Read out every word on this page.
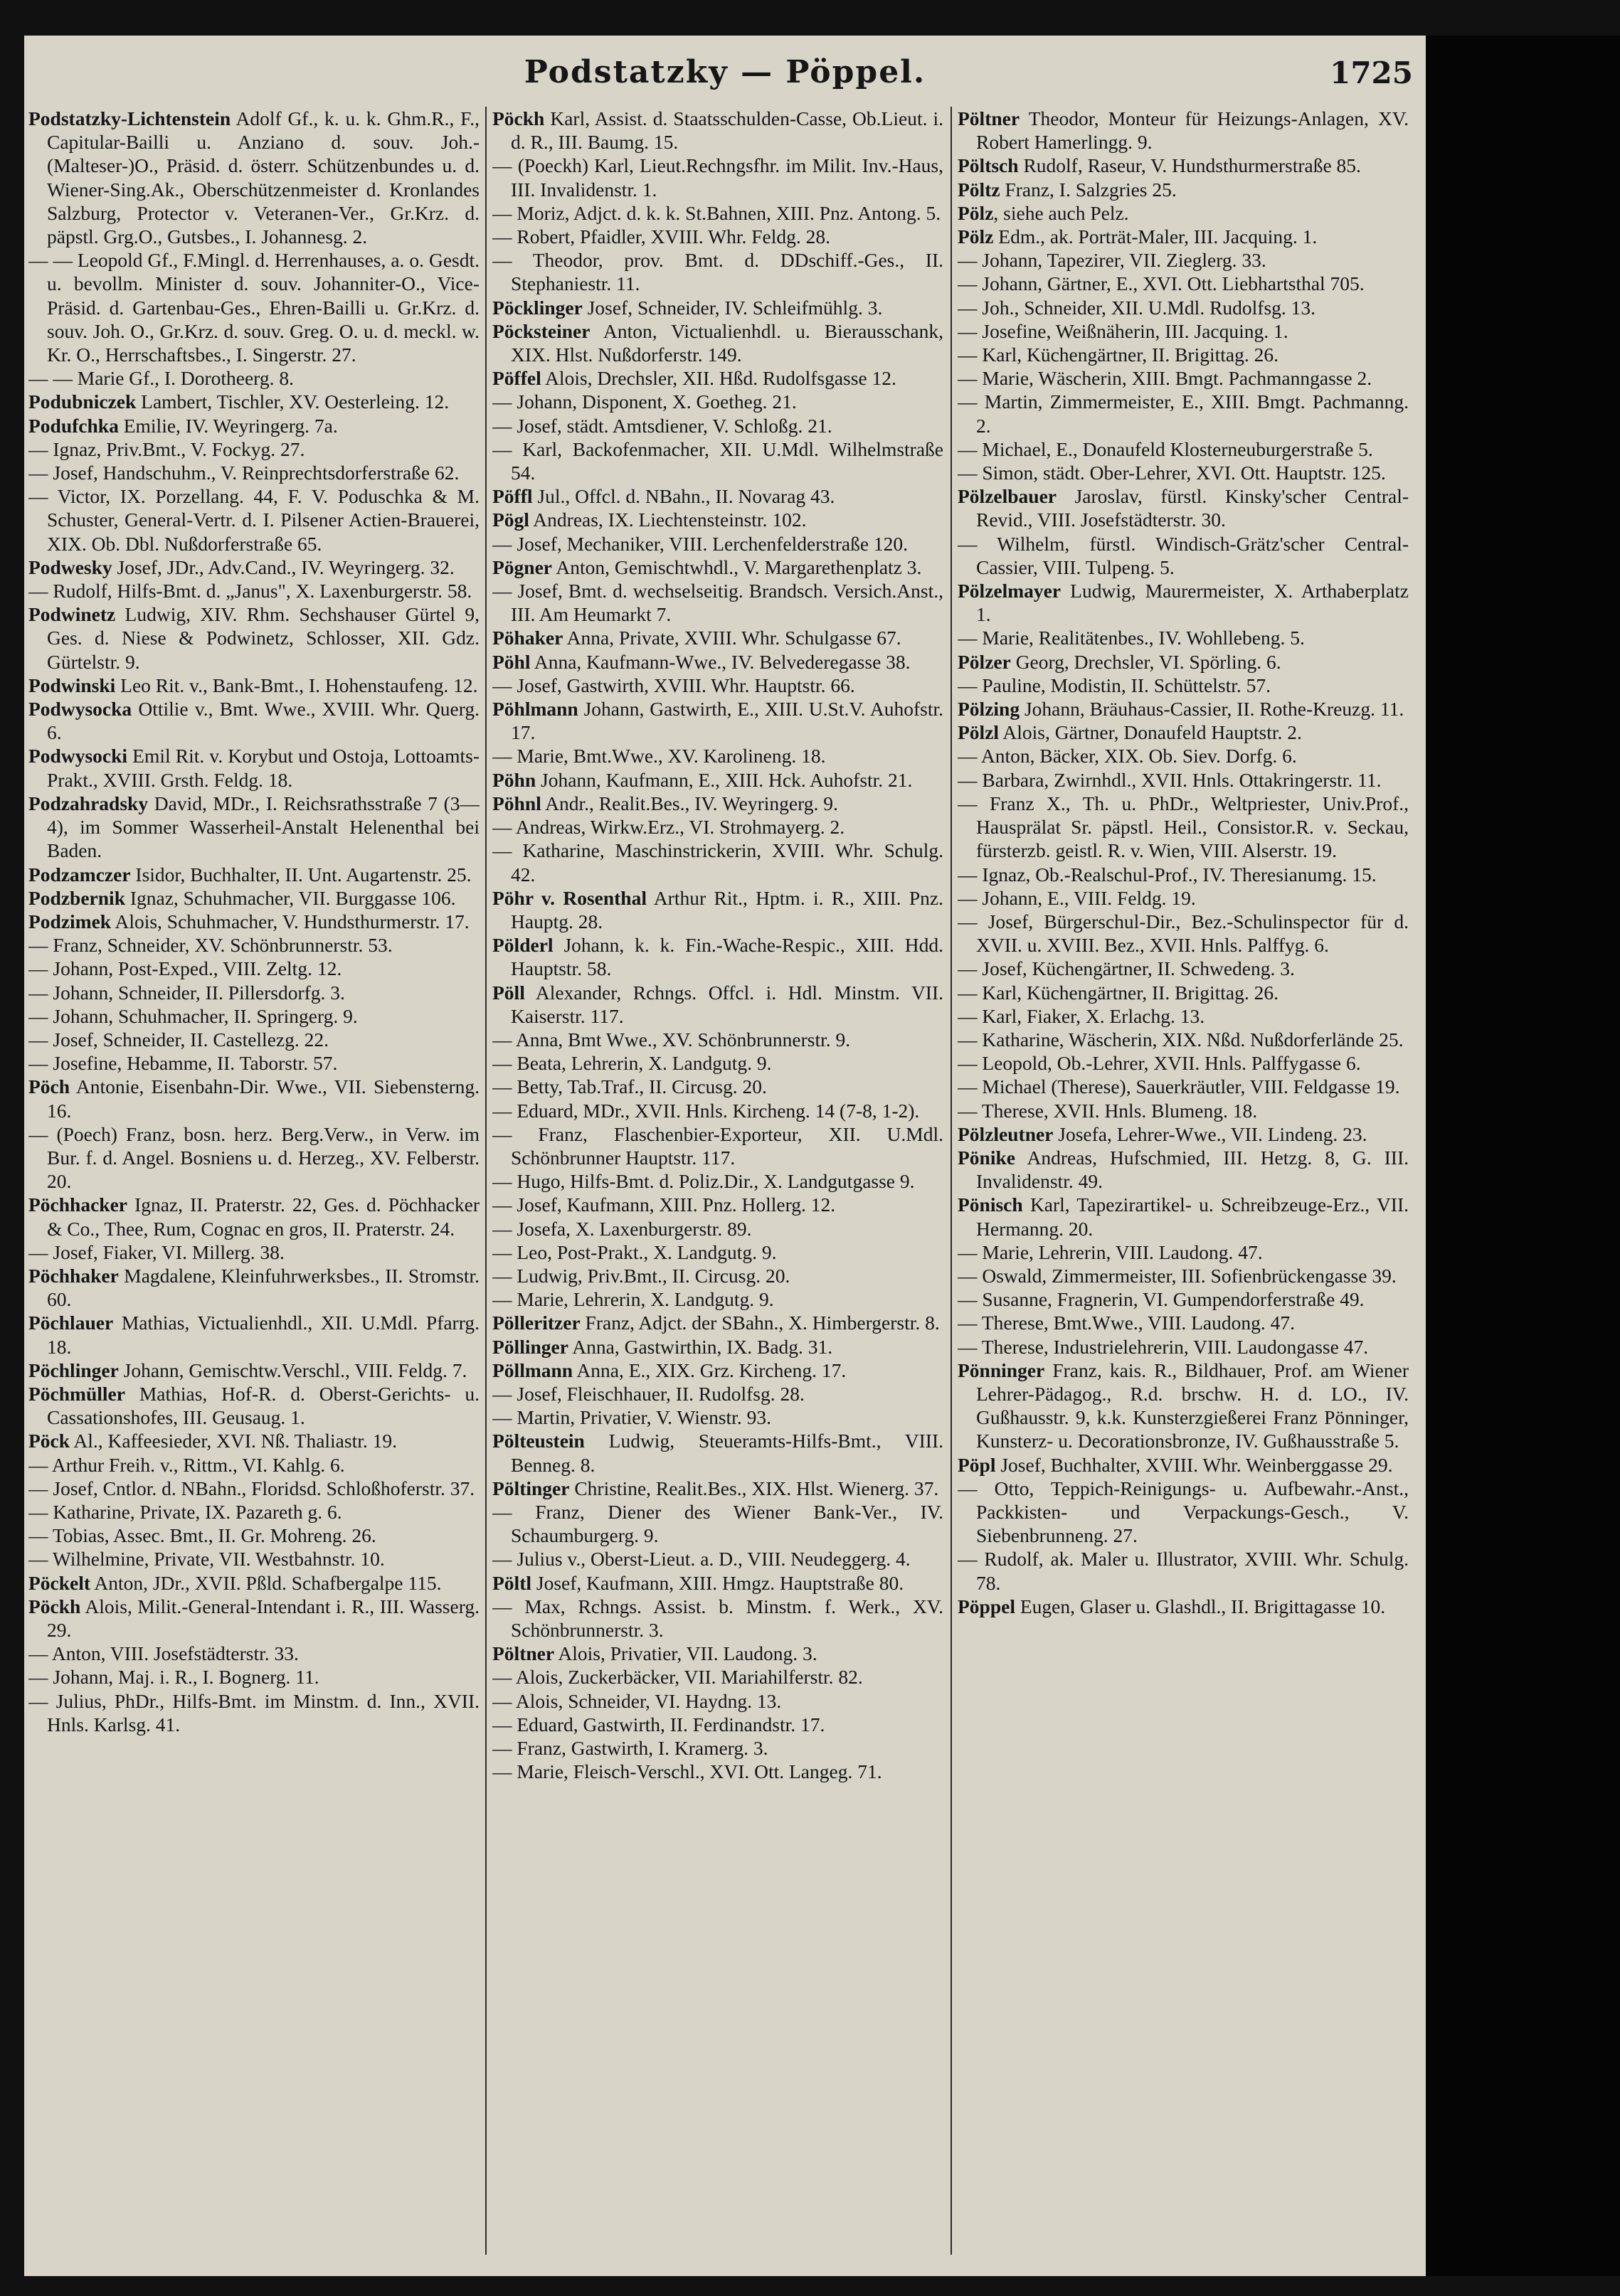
Podstatzky — Pöppel.	1725

Podstatzky-Lichtenstein Adolf Gf., k. u. k. Ghm.R., F., Capitular-Bailli u. Anziano d. souv. Joh.- (Malteser-)O., Präsid. d. österr. Schützenbundes u. d. Wiener-Sing.Ak., Oberschützenmeister d. Kronlandes Salzburg, Protector v. Veteranen-Ver., Gr.Krz. d. päpstl. Grg.O., Gutsbes., I. Johannesg. 2.

— — Leopold Gf., F.Mingl. d. Herrenhauses, a. o. Gesdt. u. bevollm. Minister d. souv. Johanniter-O., Vice-Präsid. d. Gartenbau-Ges., Ehren-Bailli u. Gr.Krz. d. souv. Joh. O., Gr.Krz. d. souv. Greg. O. u. d. meckl. w. Kr. O., Herrschaftsbes., I. Singerstr. 27.

— — Marie Gf., I. Dorotheerg. 8.

Podubniczek Lambert, Tischler, XV. Oesterleing. 12.

Podufchka Emilie, IV. Weyringerg. 7a.

— Ignaz, Priv.Bmt., V. Fockyg. 27.

— Josef, Handschuhm., V. Reinprechtsdorferstraße 62.

— Victor, IX. Porzellang. 44, F. V. Poduschka & M. Schuster, General-Vertr. d. I. Pilsener Actien-Brauerei, XIX. Ob. Dbl. Nußdorferstraße 65.

Podwesky Josef, JDr., Adv.Cand., IV. Weyringerg. 32.

— Rudolf, Hilfs-Bmt. d. „Janus", X. Laxenburgerstr. 58.

Podwinetz Ludwig, XIV. Rhm. Sechshauser Gürtel 9, Ges. d. Niese & Podwinetz, Schlosser, XII. Gdz. Gürtelstr. 9.

Podwinski Leo Rit. v., Bank-Bmt., I. Hohenstaufeng. 12.

Podwysocka Ottilie v., Bmt. Wwe., XVIII. Whr. Querg. 6.

Podwysocki Emil Rit. v. Korybut und Ostoja, Lottoamts-Prakt., XVIII. Grsth. Feldg. 18.

Podzahradsky David, MDr., I. Reichsrathsstraße 7 (3—4), im Sommer Wasserheil-Anstalt Helenenthal bei Baden.

Podzamczer Isidor, Buchhalter, II. Unt. Augartenstr. 25.

Podzbernik Ignaz, Schuhmacher, VII. Burggasse 106.

Podzimek Alois, Schuhmacher, V. Hundsthurmerstr. 17.

— Franz, Schneider, XV. Schönbrunnerstr. 53.

— Johann, Post-Exped., VIII. Zeltg. 12.

— Johann, Schneider, II. Pillersdorfg. 3.

— Johann, Schuhmacher, II. Springerg. 9.

— Josef, Schneider, II. Castellezg. 22.

— Josefine, Hebamme, II. Taborstr. 57.

Pöch Antonie, Eisenbahn-Dir. Wwe., VII. Siebensterng. 16.

— (Poech) Franz, bosn. herz. Berg.Verw., in Verw. im Bur. f. d. Angel. Bosniens u. d. Herzeg., XV. Felberstr. 20.

Pöchhacker Ignaz, II. Praterstr. 22, Ges. d. Pöchhacker & Co., Thee, Rum, Cognac en gros, II. Praterstr. 24.

— Josef, Fiaker, VI. Millerg. 38.

Pöchhaker Magdalene, Kleinfuhrwerksbes., II. Stromstr. 60.

Pöchlauer Mathias, Victualienhdl., XII. U.Mdl. Pfarrg. 18.

Pöchlinger Johann, Gemischtw.Verschl., VIII. Feldg. 7.

Pöchmüller Mathias, Hof-R. d. Oberst-Gerichts- u. Cassationshofes, III. Geusaug. 1.

Pöck Al., Kaffeesieder, XVI. Nß. Thaliastr. 19.

— Arthur Freih. v., Rittm., VI. Kahlg. 6.

— Josef, Cntlor. d. NBahn., Floridsd. Schloßhoferstr. 37.

— Katharine, Private, IX. Pazareth g. 6.

— Tobias, Assec. Bmt., II. Gr. Mohreng. 26.

— Wilhelmine, Private, VII. Westbahnstr. 10.

Pöckelt Anton, JDr., XVII. Pßld. Schafbergalpe 115.

Pöckh Alois, Milit.-General-Intendant i. R., III. Wasserg. 29.

— Anton, VIII. Josefstädterstr. 33.

— Johann, Maj. i. R., I. Bognerg. 11.

— Julius, PhDr., Hilfs-Bmt. im Minstm. d. Inn., XVII. Hnls. Karlsg. 41.

Pöckh Karl, Assist. d. Staatsschulden-Casse, Ob.Lieut. i. d. R., III. Baumg. 15.

— (Poeckh) Karl, Lieut.Rechngsfhr. im Milit. Inv.-Haus, III. Invalidenstr. 1.

— Moriz, Adjct. d. k. k. St.Bahnen, XIII. Pnz. Antong. 5.

— Robert, Pfaidler, XVIII. Whr. Feldg. 28.

— Theodor, prov. Bmt. d. DDschiff.-Ges., II. Stephaniestr. 11.

Pöcklinger Josef, Schneider, IV. Schleifmühlg. 3.

Pöcksteiner Anton, Victualienhdl. u. Bierausschank, XIX. Hlst. Nußdorferstr. 149.

Pöffel Alois, Drechsler, XII. Hßd. Rudolfsgasse 12.

— Johann, Disponent, X. Goetheg. 21.

— Josef, städt. Amtsdiener, V. Schloßg. 21.

— Karl, Backofenmacher, XII. U.Mdl. Wilhelmstraße 54.

Pöffl Jul., Offcl. d. NBahn., II. Novarag 43.

Pögl Andreas, IX. Liechtensteinstr. 102.

— Josef, Mechaniker, VIII. Lerchenfelderstraße 120.

Pögner Anton, Gemischtwhdl., V. Margarethenplatz 3.

— Josef, Bmt. d. wechselseitig. Brandsch. Versich.Anst., III. Am Heumarkt 7.

Pöhaker Anna, Private, XVIII. Whr. Schulgasse 67.

Pöhl Anna, Kaufmann-Wwe., IV. Belvederegasse 38.

— Josef, Gastwirth, XVIII. Whr. Hauptstr. 66.

Pöhlmann Johann, Gastwirth, E., XIII. U.St.V. Auhofstr. 17.

— Marie, Bmt.Wwe., XV. Karolineng. 18.

Pöhn Johann, Kaufmann, E., XIII. Hck. Auhofstr. 21.

Pöhnl Andr., Realit.Bes., IV. Weyringerg. 9.

— Andreas, Wirkw.Erz., VI. Strohmayerg. 2.

— Katharine, Maschinstrickerin, XVIII. Whr. Schulg. 42.

Pöhr v. Rosenthal Arthur Rit., Hptm. i. R., XIII. Pnz. Hauptg. 28.

Pölderl Johann, k. k. Fin.-Wache-Respic., XIII. Hdd. Hauptstr. 58.

Pöll Alexander, Rchngs. Offcl. i. Hdl. Minstm. VII. Kaiserstr. 117.

— Anna, Bmt Wwe., XV. Schönbrunnerstr. 9.

— Beata, Lehrerin, X. Landgutg. 9.

— Betty, Tab.Traf., II. Circusg. 20.

— Eduard, MDr., XVII. Hnls. Kircheng. 14 (7-8, 1-2).

— Franz, Flaschenbier-Exporteur, XII. U.Mdl. Schönbrunner Hauptstr. 117.

— Hugo, Hilfs-Bmt. d. Poliz.Dir., X. Landgutgasse 9.

— Josef, Kaufmann, XIII. Pnz. Hollerg. 12.

— Josefa, X. Laxenburgerstr. 89.

— Leo, Post-Prakt., X. Landgutg. 9.

— Ludwig, Priv.Bmt., II. Circusg. 20.

— Marie, Lehrerin, X. Landgutg. 9.

Pölleritzer Franz, Adjct. der SBahn., X. Himbergerstr. 8.

Pöllinger Anna, Gastwirthin, IX. Badg. 31.

Pöllmann Anna, E., XIX. Grz. Kircheng. 17.

— Josef, Fleischhauer, II. Rudolfsg. 28.

— Martin, Privatier, V. Wienstr. 93.

Pölteustein Ludwig, Steueramts-Hilfs-Bmt., VIII. Benneg. 8.

Pöltinger Christine, Realit.Bes., XIX. Hlst. Wienerg. 37.

— Franz, Diener des Wiener Bank-Ver., IV. Schaumburgerg. 9.

— Julius v., Oberst-Lieut. a. D., VIII. Neudeggerg. 4.

Pöltl Josef, Kaufmann, XIII. Hmgz. Hauptstraße 80.

— Max, Rchngs. Assist. b. Minstm. f. Werk., XV. Schönbrunnerstr. 3.

Pöltner Alois, Privatier, VII. Laudong. 3.

— Alois, Zuckerbäcker, VII. Mariahilferstr. 82.

— Alois, Schneider, VI. Haydng. 13.

— Eduard, Gastwirth, II. Ferdinandstr. 17.

— Franz, Gastwirth, I. Kramerg. 3.

— Marie, Fleisch-Verschl., XVI. Ott. Langeg. 71.

Pöltner Theodor, Monteur für Heizungs-Anlagen, XV. Robert Hamerlingg. 9.

Pöltsch Rudolf, Raseur, V. Hundsthurmerstraße 85.

Pöltz Franz, I. Salzgries 25.

Pölz, siehe auch Pelz.

Pölz Edm., ak. Porträt-Maler, III. Jacquing. 1.

— Johann, Tapezirer, VII. Zieglerg. 33.

— Johann, Gärtner, E., XVI. Ott. Liebhartsthal 705.

— Joh., Schneider, XII. U.Mdl. Rudolfsg. 13.

— Josefine, Weißnäherin, III. Jacquing. 1.

— Karl, Küchengärtner, II. Brigittag. 26.

— Marie, Wäscherin, XIII. Bmgt. Pachmanngasse 2.

— Martin, Zimmermeister, E., XIII. Bmgt. Pachmanng. 2.

— Michael, E., Donaufeld Klosterneuburgerstraße 5.

— Simon, städt. Ober-Lehrer, XVI. Ott. Hauptstr. 125.

Pölzelbauer Jaroslav, fürstl. Kinsky'scher Central-Revid., VIII. Josefstädterstr. 30.

— Wilhelm, fürstl. Windisch-Grätz'scher Central-Cassier, VIII. Tulpeng. 5.

Pölzelmayer Ludwig, Maurermeister, X. Arthaberplatz 1.

— Marie, Realitätenbes., IV. Wohllebeng. 5.

Pölzer Georg, Drechsler, VI. Spörling. 6.

— Pauline, Modistin, II. Schüttelstr. 57.

Pölzing Johann, Bräuhaus-Cassier, II. Rothe-Kreuzg. 11.

Pölzl Alois, Gärtner, Donaufeld Hauptstr. 2.

— Anton, Bäcker, XIX. Ob. Siev. Dorfg. 6.

— Barbara, Zwirnhdl., XVII. Hnls. Ottakringerstr. 11.

— Franz X., Th. u. PhDr., Weltpriester, Univ.Prof., Hausprälat Sr. päpstl. Heil., Consistor.R. v. Seckau, fürsterzb. geistl. R. v. Wien, VIII. Alserstr. 19.

— Ignaz, Ob.-Realschul-Prof., IV. Theresianumg. 15.

— Johann, E., VIII. Feldg. 19.

— Josef, Bürgerschul-Dir., Bez.-Schulinspector für d. XVII. u. XVIII. Bez., XVII. Hnls. Palffyg. 6.

— Josef, Küchengärtner, II. Schwedeng. 3.

— Karl, Küchengärtner, II. Brigittag. 26.

— Karl, Fiaker, X. Erlachg. 13.

— Katharine, Wäscherin, XIX. Nßd. Nußdorferlände 25.

— Leopold, Ob.-Lehrer, XVII. Hnls. Palffygasse 6.

— Michael (Therese), Sauerkräutler, VIII. Feldgasse 19.

— Therese, XVII. Hnls. Blumeng. 18.

Pölzleutner Josefa, Lehrer-Wwe., VII. Lindeng. 23.

Pönike Andreas, Hufschmied, III. Hetzg. 8, G. III. Invalidenstr. 49.

Pönisch Karl, Tapezirartikel- u. Schreibzeuge-Erz., VII. Hermanng. 20.

— Marie, Lehrerin, VIII. Laudong. 47.

— Oswald, Zimmermeister, III. Sofienbrückengasse 39.

— Susanne, Fragnerin, VI. Gumpendorferstraße 49.

— Therese, Bmt.Wwe., VIII. Laudong. 47.

— Therese, Industrielehrerin, VIII. Laudongasse 47.

Pönninger Franz, kais. R., Bildhauer, Prof. am Wiener Lehrer-Pädagog., R.d. brschw. H. d. LO., IV. Gußhausstr. 9, k.k. Kunsterzgießerei Franz Pönninger, Kunsterz- u. Decorationsbronze, IV. Gußhausstraße 5.

Pöpl Josef, Buchhalter, XVIII. Whr. Weinberggasse 29.

— Otto, Teppich-Reinigungs- u. Aufbewahr.-Anst., Packkisten- und Verpackungs-Gesch., V. Siebenbrunneng. 27.

— Rudolf, ak. Maler u. Illustrator, XVIII. Whr. Schulg. 78.

Pöppel Eugen, Glaser u. Glashdl., II. Brigittagasse 10.
